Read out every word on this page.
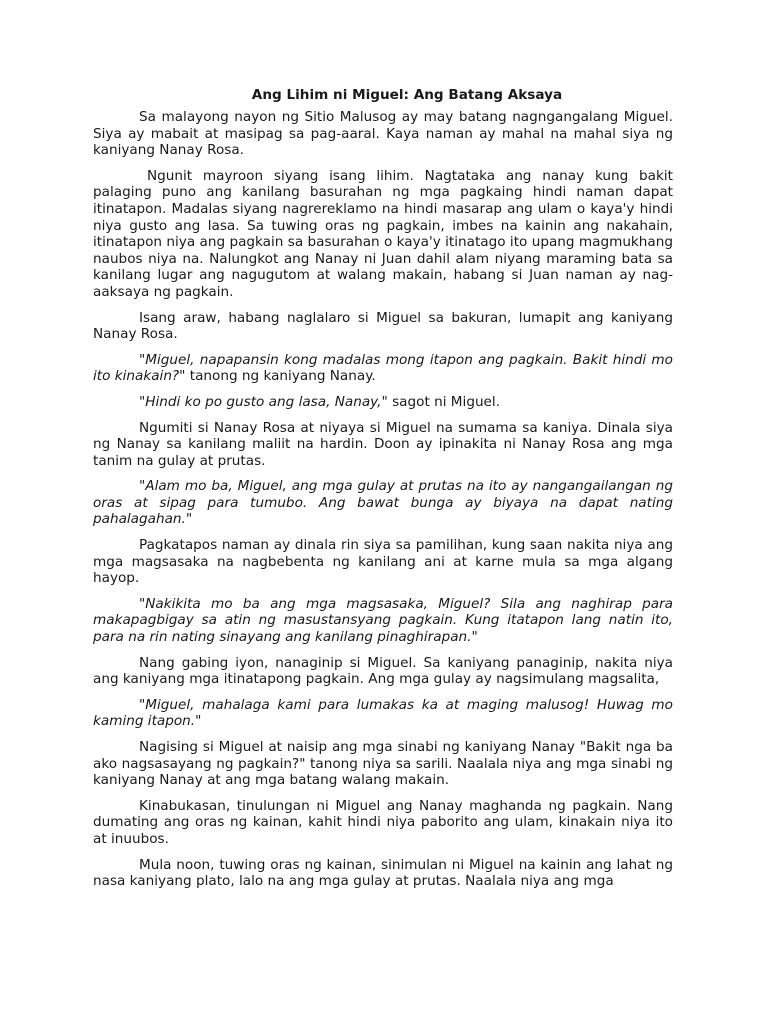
Ang Lihim ni Miguel: Ang Batang Aksaya

Sa malayong nayon ng Sitio Malusog ay may batang nagngangalang Miguel. Siya ay mabait at masipag sa pag-aaral. Kaya naman ay mahal na mahal siya ng kaniyang Nanay Rosa.

Ngunit mayroon siyang isang lihim. Nagtataka ang nanay kung bakit palaging puno ang kanilang basurahan ng mga pagkaing hindi naman dapat itinatapon. Madalas siyang nagrereklamo na hindi masarap ang ulam o kaya'y hindi niya gusto ang lasa. Sa tuwing oras ng pagkain, imbes na kainin ang nakahain, itinatapon niya ang pagkain sa basurahan o kaya'y itinatago ito upang magmukhang naubos niya na. Nalungkot ang Nanay ni Juan dahil alam niyang maraming bata sa kanilang lugar ang nagugutom at walang makain, habang si Juan naman ay nag-aaksaya ng pagkain.

Isang araw, habang naglalaro si Miguel sa bakuran, lumapit ang kaniyang Nanay Rosa.

"Miguel, napapansin kong madalas mong itapon ang pagkain. Bakit hindi mo ito kinakain?" tanong ng kaniyang Nanay.

"Hindi ko po gusto ang lasa, Nanay," sagot ni Miguel.

Ngumiti si Nanay Rosa at niyaya si Miguel na sumama sa kaniya. Dinala siya ng Nanay sa kanilang maliit na hardin. Doon ay ipinakita ni Nanay Rosa ang mga tanim na gulay at prutas.

"Alam mo ba, Miguel, ang mga gulay at prutas na ito ay nangangailangan ng oras at sipag para tumubo. Ang bawat bunga ay biyaya na dapat nating pahalagahan."

Pagkatapos naman ay dinala rin siya sa pamilihan, kung saan nakita niya ang mga magsasaka na nagbebenta ng kanilang ani at karne mula sa mga algang hayop.

"Nakikita mo ba ang mga magsasaka, Miguel? Sila ang naghirap para makapagbigay sa atin ng masustansyang pagkain. Kung itatapon lang natin ito, para na rin nating sinayang ang kanilang pinaghirapan."

Nang gabing iyon, nanaginip si Miguel. Sa kaniyang panaginip, nakita niya ang kaniyang mga itinatapong pagkain. Ang mga gulay ay nagsimulang magsalita,

"Miguel, mahalaga kami para lumakas ka at maging malusog! Huwag mo kaming itapon."

Nagising si Miguel at naisip ang mga sinabi ng kaniyang Nanay "Bakit nga ba ako nagsasayang ng pagkain?" tanong niya sa sarili. Naalala niya ang mga sinabi ng kaniyang Nanay at ang mga batang walang makain.

Kinabukasan, tinulungan ni Miguel ang Nanay maghanda ng pagkain. Nang dumating ang oras ng kainan, kahit hindi niya paborito ang ulam, kinakain niya ito at inuubos.

Mula noon, tuwing oras ng kainan, sinimulan ni Miguel na kainin ang lahat ng nasa kaniyang plato, lalo na ang mga gulay at prutas. Naalala niya ang mga
